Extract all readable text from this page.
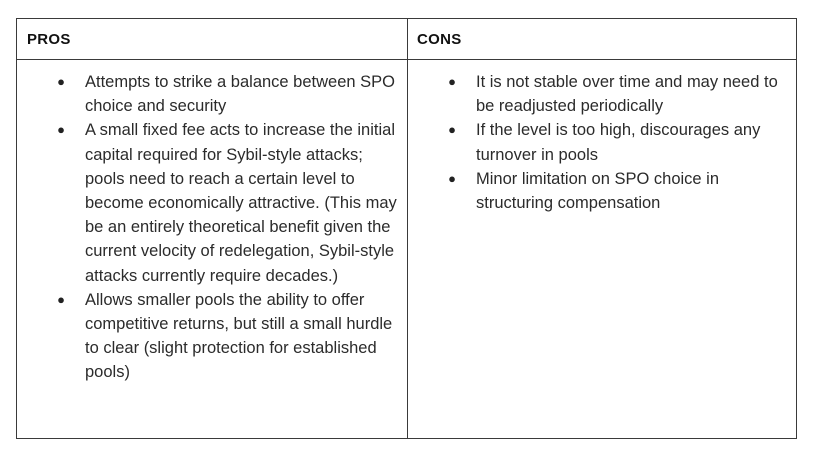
PROS	CONS
● Attempts to strike a balance between SPO choice and security
● A small fixed fee acts to increase the initial capital required for Sybil-style attacks; pools need to reach a certain level to become economically attractive. (This may be an entirely theoretical benefit given the current velocity of redelegation, Sybil-style attacks currently require decades.)
● Allows smaller pools the ability to offer competitive returns, but still a small hurdle to clear (slight protection for established pools)
● It is not stable over time and may need to be readjusted periodically
● If the level is too high, discourages any turnover in pools
● Minor limitation on SPO choice in structuring compensation
